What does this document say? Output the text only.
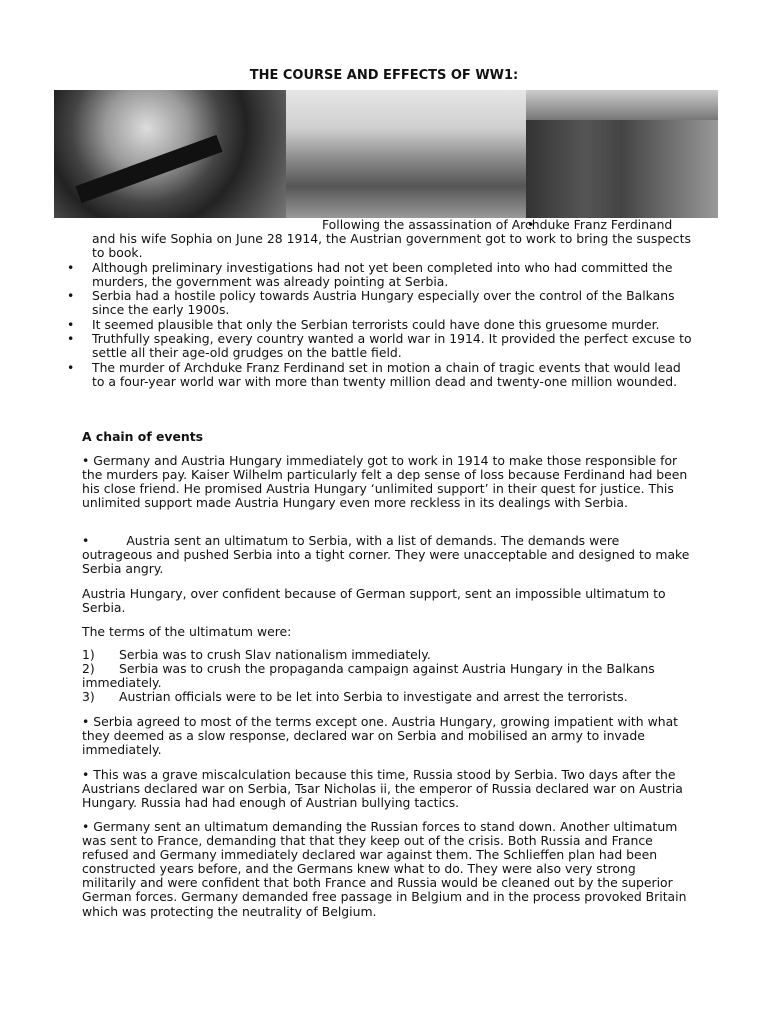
THE COURSE AND EFFECTS OF WW1:
• Following the assassination of Archduke Franz Ferdinand and his wife Sophia on June 28 1914, the Austrian government got to work to bring the suspects to book.
• Although preliminary investigations had not yet been completed into who had committed the murders, the government was already pointing at Serbia.
• Serbia had a hostile policy towards Austria Hungary especially over the control of the Balkans since the early 1900s.
• It seemed plausible that only the Serbian terrorists could have done this gruesome murder.
• Truthfully speaking, every country wanted a world war in 1914. It provided the perfect excuse to settle all their age-old grudges on the battle field.
• The murder of Archduke Franz Ferdinand set in motion a chain of tragic events that would lead to a four-year world war with more than twenty million dead and twenty-one million wounded.

A chain of events

• Germany and Austria Hungary immediately got to work in 1914 to make those responsible for the murders pay. Kaiser Wilhelm particularly felt a dep sense of loss because Ferdinand had been his close friend. He promised Austria Hungary ‘unlimited support’ in their quest for justice. This unlimited support made Austria Hungary even more reckless in its dealings with Serbia.

•	Austria sent an ultimatum to Serbia, with a list of demands. The demands were outrageous and pushed Serbia into a tight corner. They were unacceptable and designed to make Serbia angry.

Austria Hungary, over confident because of German support, sent an impossible ultimatum to Serbia.

The terms of the ultimatum were:

1) Serbia was to crush Slav nationalism immediately.
2) Serbia was to crush the propaganda campaign against Austria Hungary in the Balkans immediately.
3) Austrian officials were to be let into Serbia to investigate and arrest the terrorists.

• Serbia agreed to most of the terms except one. Austria Hungary, growing impatient with what they deemed as a slow response, declared war on Serbia and mobilised an army to invade immediately.

• This was a grave miscalculation because this time, Russia stood by Serbia. Two days after the Austrians declared war on Serbia, Tsar Nicholas ii, the emperor of Russia declared war on Austria Hungary. Russia had had enough of Austrian bullying tactics.

• Germany sent an ultimatum demanding the Russian forces to stand down. Another ultimatum was sent to France, demanding that that they keep out of the crisis. Both Russia and France refused and Germany immediately declared war against them. The Schlieffen plan had been constructed years before, and the Germans knew what to do. They were also very strong militarily and were confident that both France and Russia would be cleaned out by the superior German forces. Germany demanded free passage in Belgium and in the process provoked Britain which was protecting the neutrality of Belgium.
